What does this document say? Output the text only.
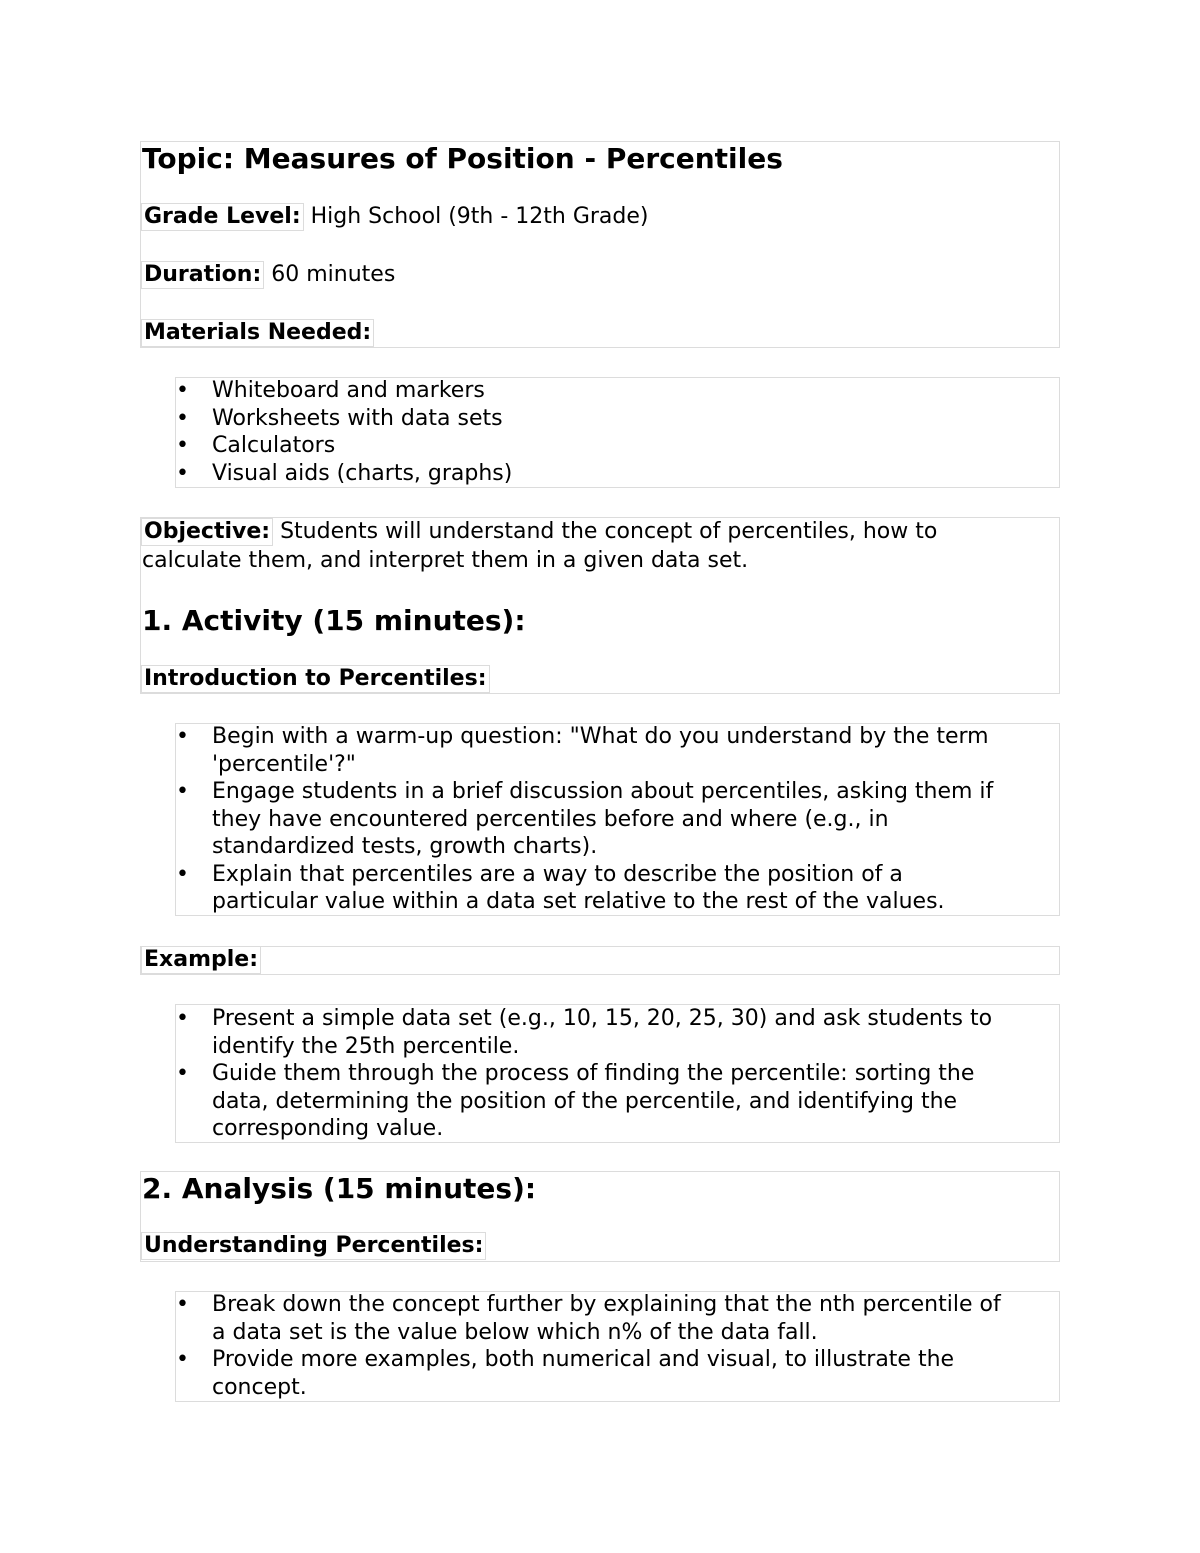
Topic: Measures of Position - Percentiles
Grade Level: High School (9th - 12th Grade)
Duration: 60 minutes
Materials Needed:
• Whiteboard and markers
• Worksheets with data sets
• Calculators
• Visual aids (charts, graphs)
Objective: Students will understand the concept of percentiles, how to
calculate them, and interpret them in a given data set.
1. Activity (15 minutes):
Introduction to Percentiles:
• Begin with a warm-up question: "What do you understand by the term
'percentile'?"
• Engage students in a brief discussion about percentiles, asking them if
they have encountered percentiles before and where (e.g., in
standardized tests, growth charts).
• Explain that percentiles are a way to describe the position of a
particular value within a data set relative to the rest of the values.
Example:
• Present a simple data set (e.g., 10, 15, 20, 25, 30) and ask students to
identify the 25th percentile.
• Guide them through the process of finding the percentile: sorting the
data, determining the position of the percentile, and identifying the
corresponding value.
2. Analysis (15 minutes):
Understanding Percentiles:
• Break down the concept further by explaining that the nth percentile of
a data set is the value below which n% of the data fall.
• Provide more examples, both numerical and visual, to illustrate the
concept.
